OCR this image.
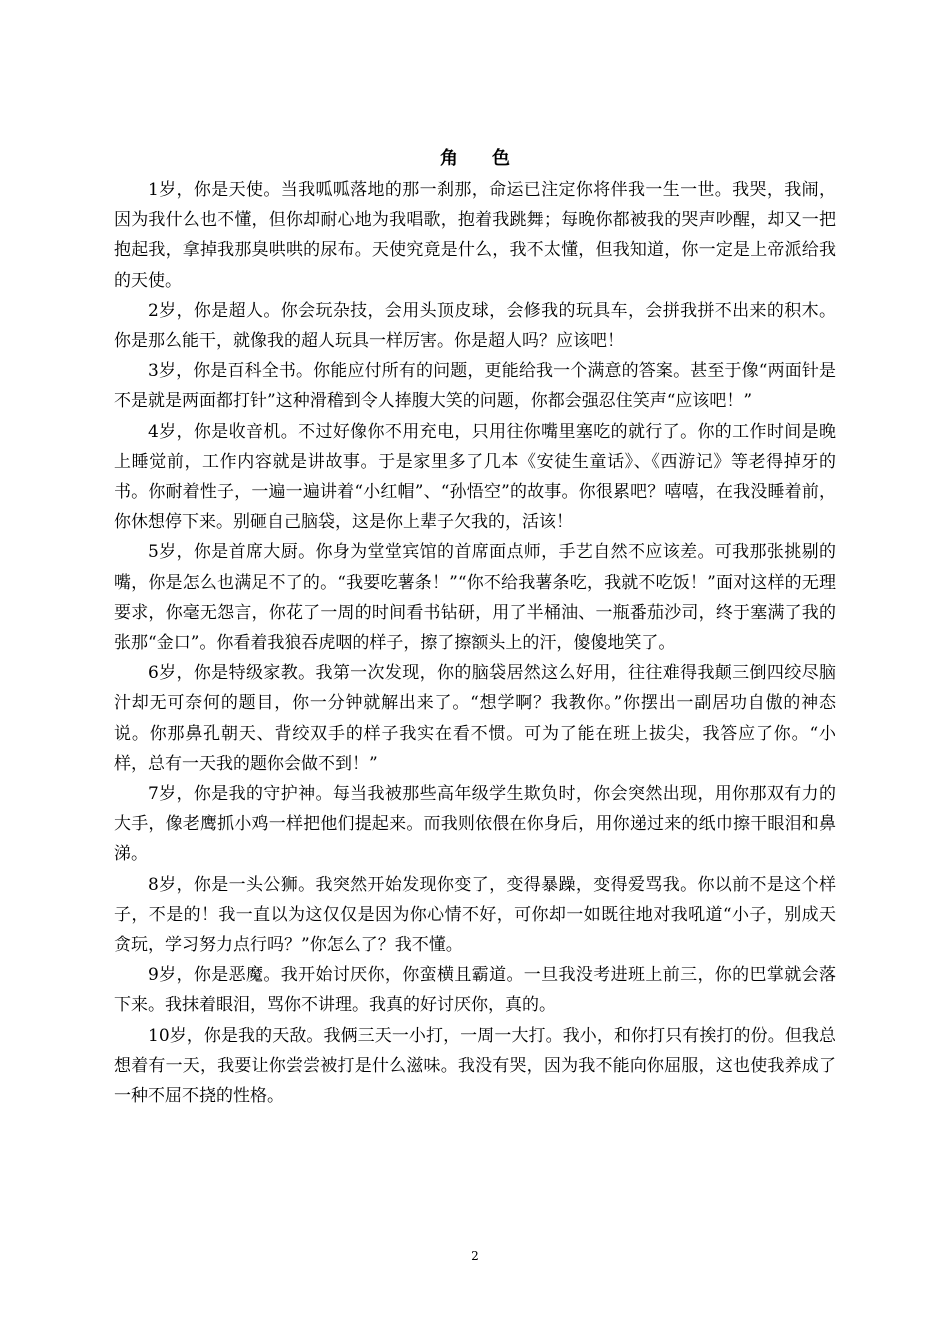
角 色

1岁，你是天使。当我呱呱落地的那一刹那，命运已注定你将伴我一生一世。我哭，我闹，因为我什么也不懂，但你却耐心地为我唱歌，抱着我跳舞；每晚你都被我的哭声吵醒，却又一把抱起我，拿掉我那臭哄哄的尿布。天使究竟是什么，我不太懂，但我知道，你一定是上帝派给我的天使。

2岁，你是超人。你会玩杂技，会用头顶皮球，会修我的玩具车，会拼我拼不出来的积木。你是那么能干，就像我的超人玩具一样厉害。你是超人吗？应该吧！

3岁，你是百科全书。你能应付所有的问题，更能给我一个满意的答案。甚至于像“两面针是不是就是两面都打针”这种滑稽到令人捧腹大笑的问题，你都会强忍住笑声“应该吧！”

4岁，你是收音机。不过好像你不用充电，只用往你嘴里塞吃的就行了。你的工作时间是晚上睡觉前，工作内容就是讲故事。于是家里多了几本《安徒生童话》、《西游记》等老得掉牙的书。你耐着性子，一遍一遍讲着“小红帽”、“孙悟空”的故事。你很累吧？嘻嘻，在我没睡着前，你休想停下来。别砸自己脑袋，这是你上辈子欠我的，活该！

5岁，你是首席大厨。你身为堂堂宾馆的首席面点师，手艺自然不应该差。可我那张挑剔的嘴，你是怎么也满足不了的。“我要吃薯条！”“你不给我薯条吃，我就不吃饭！”面对这样的无理要求，你毫无怨言，你花了一周的时间看书钻研，用了半桶油、一瓶番茄沙司，终于塞满了我的张那“金口”。你看着我狼吞虎咽的样子，擦了擦额头上的汗，傻傻地笑了。

6岁，你是特级家教。我第一次发现，你的脑袋居然这么好用，往往难得我颠三倒四绞尽脑汁却无可奈何的题目，你一分钟就解出来了。“想学啊？我教你。”你摆出一副居功自傲的神态说。你那鼻孔朝天、背绞双手的样子我实在看不惯。可为了能在班上拔尖，我答应了你。“小样，总有一天我的题你会做不到！”

7岁，你是我的守护神。每当我被那些高年级学生欺负时，你会突然出现，用你那双有力的大手，像老鹰抓小鸡一样把他们提起来。而我则依偎在你身后，用你递过来的纸巾擦干眼泪和鼻涕。

8岁，你是一头公狮。我突然开始发现你变了，变得暴躁，变得爱骂我。你以前不是这个样子，不是的！我一直以为这仅仅是因为你心情不好，可你却一如既往地对我吼道“小子，别成天贪玩，学习努力点行吗？”你怎么了？我不懂。

9岁，你是恶魔。我开始讨厌你，你蛮横且霸道。一旦我没考进班上前三，你的巴掌就会落下来。我抹着眼泪，骂你不讲理。我真的好讨厌你，真的。

10岁，你是我的天敌。我俩三天一小打，一周一大打。我小，和你打只有挨打的份。但我总想着有一天，我要让你尝尝被打是什么滋味。我没有哭，因为我不能向你屈服，这也使我养成了一种不屈不挠的性格。

2
